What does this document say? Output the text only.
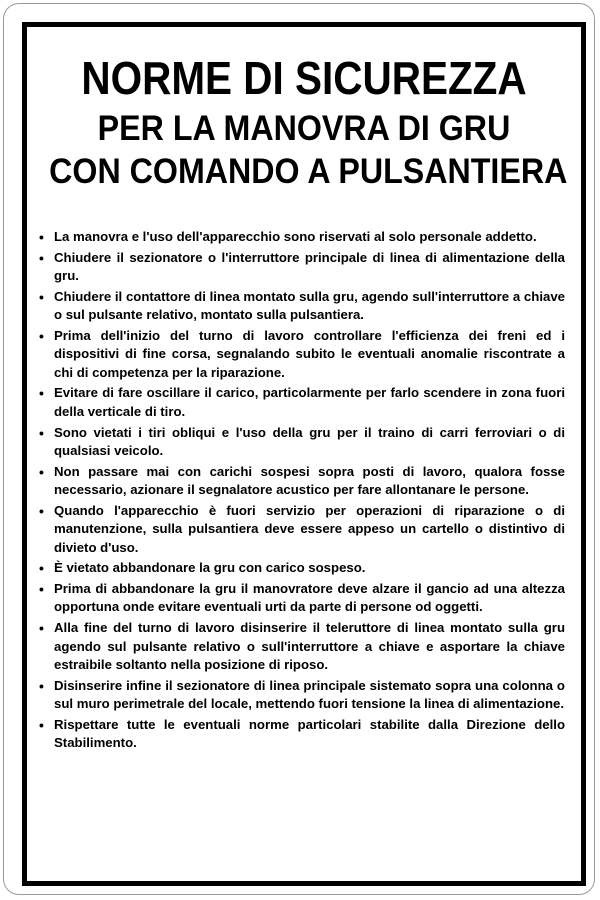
NORME DI SICUREZZA
PER LA MANOVRA DI GRU
CON COMANDO A PULSANTIERA
• La manovra e l'uso dell'apparecchio sono riservati al solo personale addetto.
• Chiudere il sezionatore o l'interruttore principale di linea di alimentazione della gru.
• Chiudere il contattore di linea montato sulla gru, agendo sull'interruttore a chiave o sul pulsante relativo, montato sulla pulsantiera.
• Prima dell'inizio del turno di lavoro controllare l'efficienza dei freni ed i dispositivi di fine corsa, segnalando subito le eventuali anomalie riscontrate a chi di competenza per la riparazione.
• Evitare di fare oscillare il carico, particolarmente per farlo scendere in zona fuori della verticale di tiro.
• Sono vietati i tiri obliqui e l'uso della gru per il traino di carri ferroviari o di qualsiasi veicolo.
• Non passare mai con carichi sospesi sopra posti di lavoro, qualora fosse necessario, azionare il segnalatore acustico per fare allontanare le persone.
• Quando l'apparecchio è fuori servizio per operazioni di riparazione o di manutenzione, sulla pulsantiera deve essere appeso un cartello o distintivo di divieto d'uso.
• È vietato abbandonare la gru con carico sospeso.
• Prima di abbandonare la gru il manovratore deve alzare il gancio ad una altezza opportuna onde evitare eventuali urti da parte di persone od oggetti.
• Alla fine del turno di lavoro disinserire il teleruttore di linea montato sulla gru agendo sul pulsante relativo o sull'interruttore a chiave e asportare la chiave estraibile soltanto nella posizione di riposo.
• Disinserire infine il sezionatore di linea principale sistemato sopra una colonna o sul muro perimetrale del locale, mettendo fuori tensione la linea di alimentazione.
• Rispettare tutte le eventuali norme particolari stabilite dalla Direzione dello Stabilimento.
